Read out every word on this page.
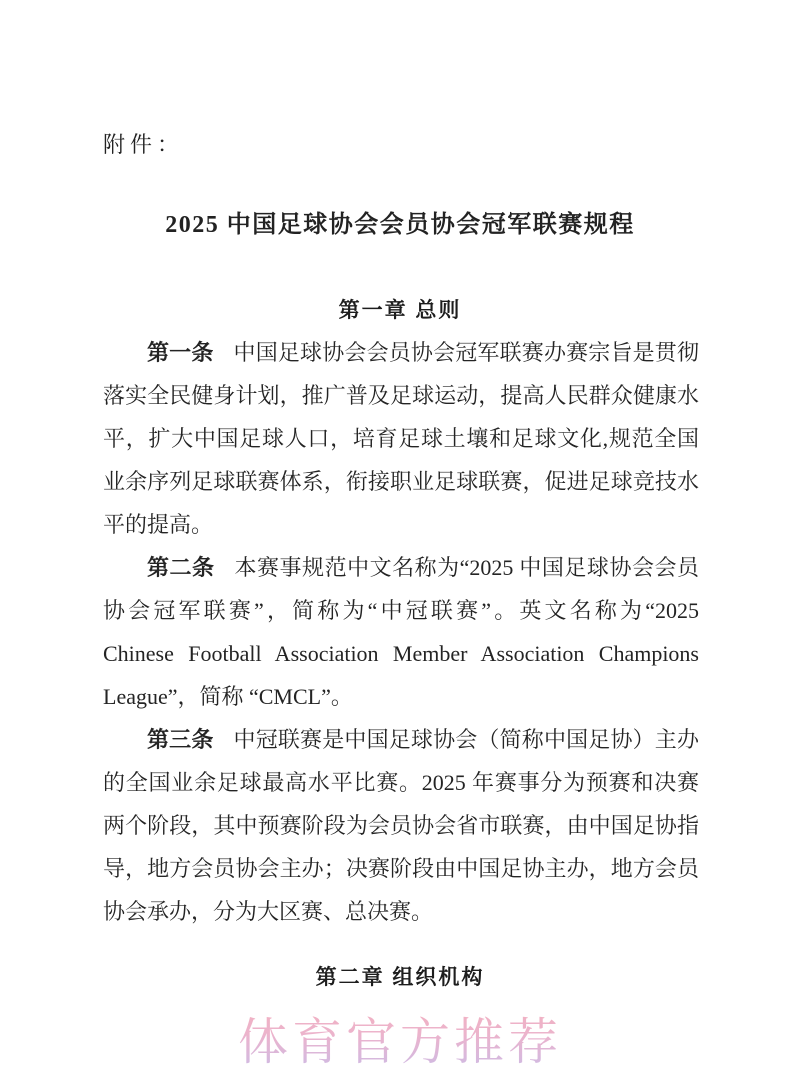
附件：
2025 中国足球协会会员协会冠军联赛规程
第一章 总则

第一条 中国足球协会会员协会冠军联赛办赛宗旨是贯彻落实全民健身计划，推广普及足球运动，提高人民群众健康水平，扩大中国足球人口，培育足球土壤和足球文化,规范全国业余序列足球联赛体系，衔接职业足球联赛，促进足球竞技水平的提高。

第二条 本赛事规范中文名称为“2025 中国足球协会会员协会冠军联赛”，简称为“中冠联赛”。英文名称为“2025 Chinese Football Association Member Association Champions League”，简称 “CMCL”。

第三条 中冠联赛是中国足球协会（简称中国足协）主办的全国业余足球最高水平比赛。2025 年赛事分为预赛和决赛两个阶段，其中预赛阶段为会员协会省市联赛，由中国足协指导，地方会员协会主办；决赛阶段由中国足协主办，地方会员协会承办，分为大区赛、总决赛。

第二章 组织机构
体育官方推荐
